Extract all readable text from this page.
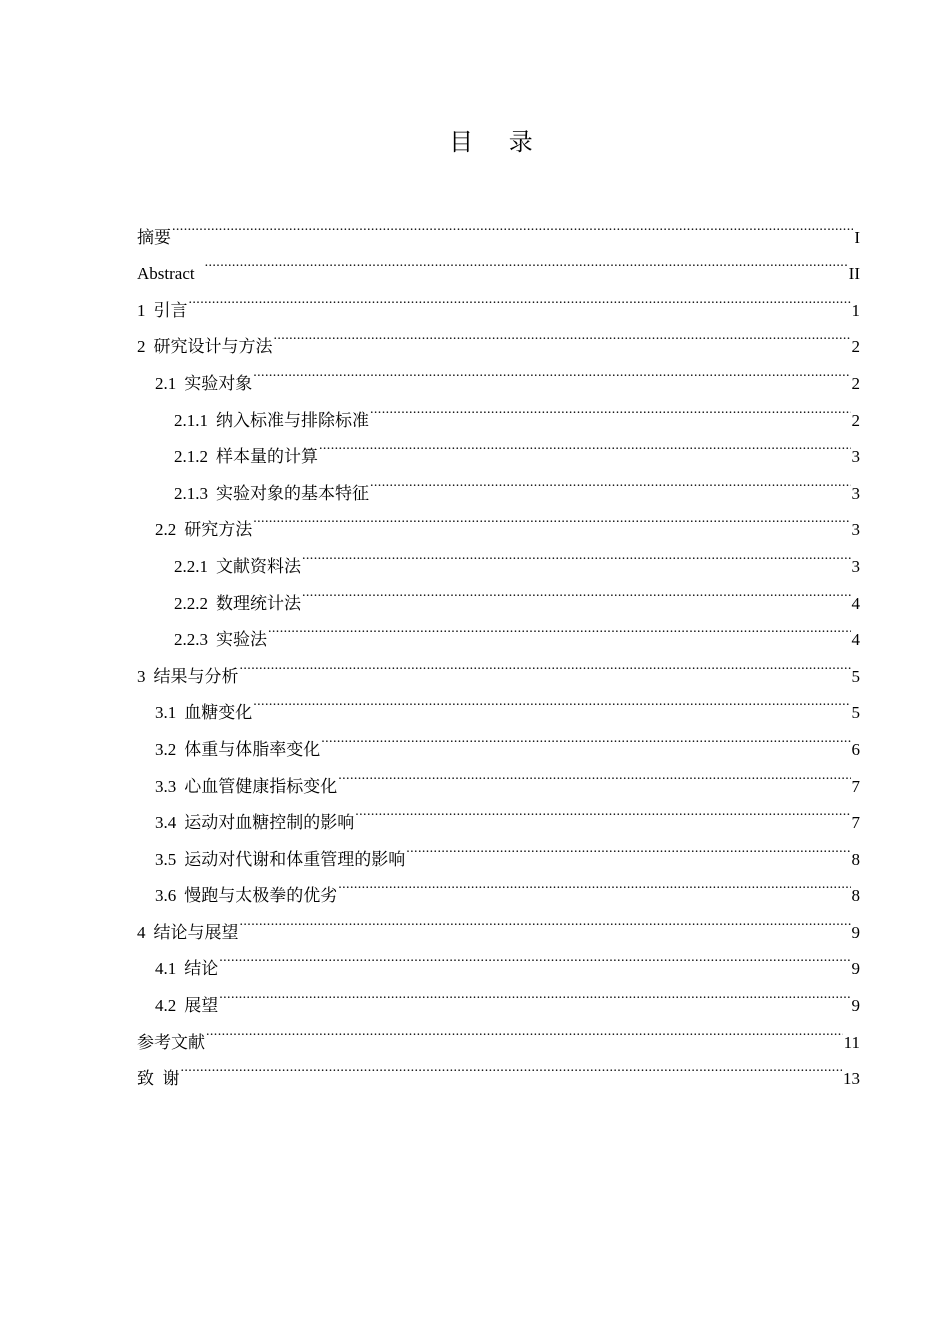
目 录
摘要 .....	I
Abstract .....	II
1 引言 .....	1
2 研究设计与方法 .....	2
2.1 实验对象 .....	2
2.1.1 纳入标准与排除标准 .....	2
2.1.2 样本量的计算 .....	3
2.1.3 实验对象的基本特征 .....	3
2.2 研究方法 .....	3
2.2.1 文献资料法 .....	3
2.2.2 数理统计法 .....	4
2.2.3 实验法 .....	4
3 结果与分析 .....	5
3.1 血糖变化 .....	5
3.2 体重与体脂率变化 .....	6
3.3 心血管健康指标变化 .....	7
3.4 运动对血糖控制的影响 .....	7
3.5 运动对代谢和体重管理的影响 .....	8
3.6 慢跑与太极拳的优劣 .....	8
4 结论与展望 .....	9
4.1 结论 .....	9
4.2 展望 .....	9
参考文献 .....	11
致  谢 .....	13
